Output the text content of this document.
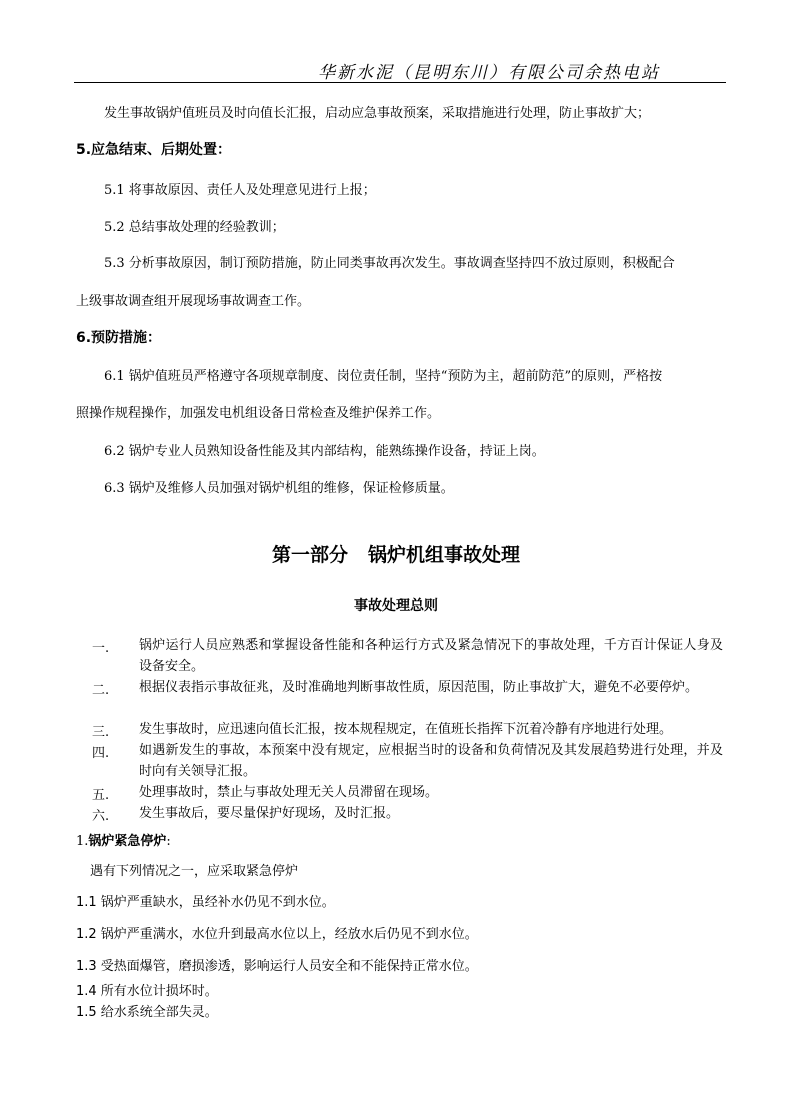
华新水泥（昆明东川）有限公司余热电站
发生事故锅炉值班员及时向值长汇报，启动应急事故预案，采取措施进行处理，防止事故扩大；
5.应急结束、后期处置：
5.1 将事故原因、责任人及处理意见进行上报；
5.2 总结事故处理的经验教训；
5.3 分析事故原因，制订预防措施，防止同类事故再次发生。事故调查坚持四不放过原则，积极配合
上级事故调查组开展现场事故调查工作。
6.预防措施：
6.1 锅炉值班员严格遵守各项规章制度、岗位责任制，坚持“预防为主，超前防范”的原则，严格按
照操作规程操作，加强发电机组设备日常检查及维护保养工作。
6.2 锅炉专业人员熟知设备性能及其内部结构，能熟练操作设备，持证上岗。
6.3 锅炉及维修人员加强对锅炉机组的维修，保证检修质量。
第一部分 锅炉机组事故处理
事故处理总则
一. 锅炉运行人员应熟悉和掌握设备性能和各种运行方式及紧急情况下的事故处理，千方百计保证人身及设备安全。
二. 根据仪表指示事故征兆，及时准确地判断事故性质，原因范围，防止事故扩大，避免不必要停炉。
三. 发生事故时，应迅速向值长汇报，按本规程规定，在值班长指挥下沉着冷静有序地进行处理。
四. 如遇新发生的事故，本预案中没有规定，应根据当时的设备和负荷情况及其发展趋势进行处理，并及时向有关领导汇报。
五. 处理事故时，禁止与事故处理无关人员滞留在现场。
六. 发生事故后，要尽量保护好现场，及时汇报。
1.锅炉紧急停炉:
遇有下列情况之一，应采取紧急停炉
1.1 锅炉严重缺水，虽经补水仍见不到水位。
1.2 锅炉严重满水，水位升到最高水位以上，经放水后仍见不到水位。
1.3 受热面爆管，磨损渗透，影响运行人员安全和不能保持正常水位。
1.4 所有水位计损坏时。
1.5 给水系统全部失灵。
